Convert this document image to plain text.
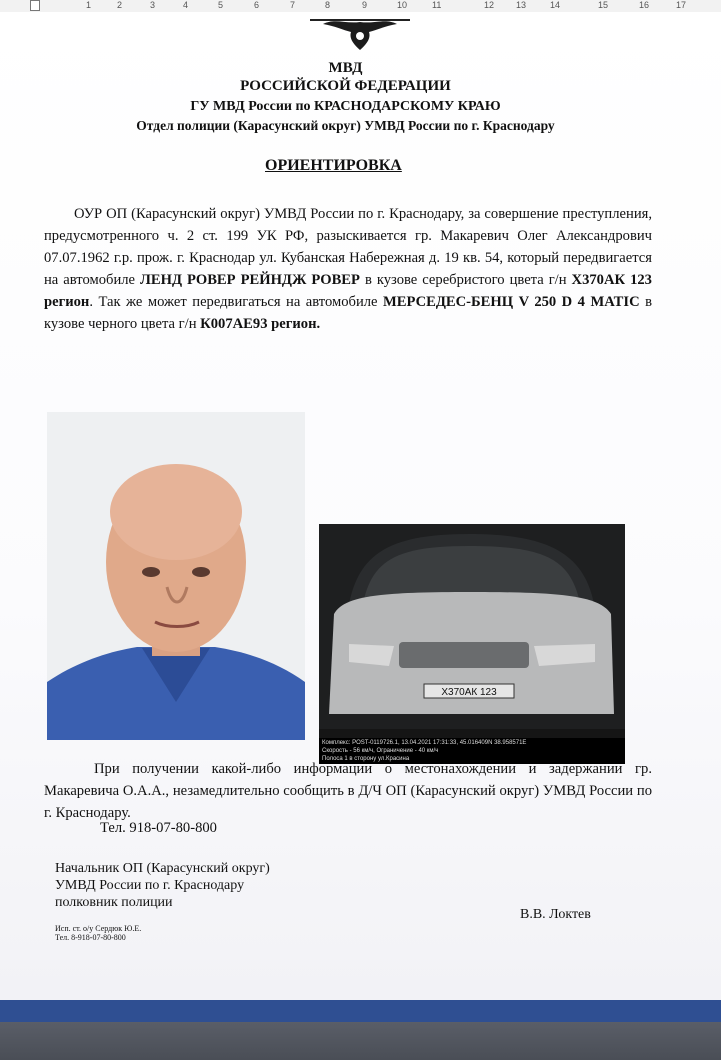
1	2	3	4	5	6	7	8	9	10	11	12 13	14	15	16	17
МВД
РОССИЙСКОЙ ФЕДЕРАЦИИ
ГУ МВД России по КРАСНОДАРСКОМУ КРАЮ
Отдел полиции (Карасунский округ) УМВД России по г. Краснодару
ОРИЕНТИРОВКА
ОУР ОП (Карасунский округ) УМВД России по г. Краснодару, за совершение преступления, предусмотренного ч. 2 ст. 199 УК РФ, разыскивается гр. Макаревич Олег Александрович 07.07.1962 г.р. прож. г. Краснодар ул. Кубанская Набережная д. 19 кв. 54, который передвигается на автомобиле ЛЕНД РОВЕР РЕЙНДЖ РОВЕР в кузове серебристого цвета г/н Х370АК 123 регион. Так же может передвигаться на автомобиле МЕРСЕДЕС-БЕНЦ V 250 D 4 MATIC в кузове черного цвета г/н К007АЕ93 регион.
Х370АК 123
Комплекс: POST-0119726.1, 13.04.2021 17:31:33, 45.016409N 38.958571E
Скорость - 56 км/ч, Ограничение - 40 км/ч
Полоса 1 в сторону ул.Красина
При получении какой-либо информации о местонахождении и задержании гр. Макаревича О.А.А., незамедлительно сообщить в Д/Ч ОП (Карасунский округ) УМВД России по г. Краснодару.
Тел. 918-07-80-800
Начальник ОП (Карасунский округ)
УМВД России по г. Краснодару
полковник полиции
В.В. Локтев
Исп. ст. о/у Сердюк Ю.Е.
Тел. 8-918-07-80-800
